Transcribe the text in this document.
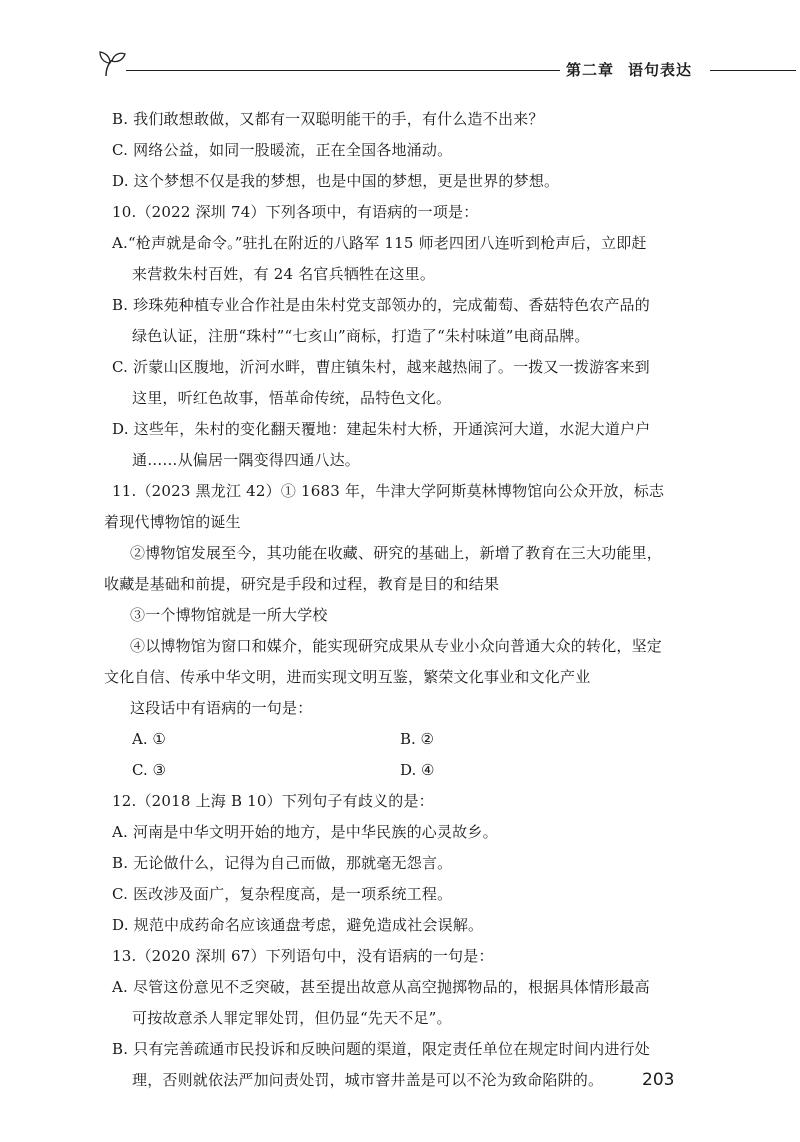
第二章 语句表达
B. 我们敢想敢做，又都有一双聪明能干的手，有什么造不出来？
C. 网络公益，如同一股暖流，正在全国各地涌动。
D. 这个梦想不仅是我的梦想，也是中国的梦想，更是世界的梦想。
10.（2022 深圳 74）下列各项中，有语病的一项是：
A.“枪声就是命令。”驻扎在附近的八路军 115 师老四团八连听到枪声后，立即赶
来营救朱村百姓，有 24 名官兵牺牲在这里。
B. 珍珠苑种植专业合作社是由朱村党支部领办的，完成葡萄、香菇特色农产品的
绿色认证，注册“珠村”“七亥山”商标，打造了“朱村味道”电商品牌。
C. 沂蒙山区腹地，沂河水畔，曹庄镇朱村，越来越热闹了。一拨又一拨游客来到
这里，听红色故事，悟革命传统，品特色文化。
D. 这些年，朱村的变化翻天覆地：建起朱村大桥，开通滨河大道，水泥大道户户
通……从偏居一隅变得四通八达。
11.（2023 黑龙江 42）① 1683 年，牛津大学阿斯莫林博物馆向公众开放，标志
着现代博物馆的诞生
②博物馆发展至今，其功能在收藏、研究的基础上，新增了教育在三大功能里，
收藏是基础和前提，研究是手段和过程，教育是目的和结果
③一个博物馆就是一所大学校
④以博物馆为窗口和媒介，能实现研究成果从专业小众向普通大众的转化，坚定
文化自信、传承中华文明，进而实现文明互鉴，繁荣文化事业和文化产业
这段话中有语病的一句是：
A. ①	B. ②
C. ③	D. ④
12.（2018 上海 B 10）下列句子有歧义的是：
A. 河南是中华文明开始的地方，是中华民族的心灵故乡。
B. 无论做什么，记得为自己而做，那就毫无怨言。
C. 医改涉及面广，复杂程度高，是一项系统工程。
D. 规范中成药命名应该通盘考虑，避免造成社会误解。
13.（2020 深圳 67）下列语句中，没有语病的一句是：
A. 尽管这份意见不乏突破，甚至提出故意从高空抛掷物品的，根据具体情形最高
可按故意杀人罪定罪处罚，但仍显“先天不足”。
B. 只有完善疏通市民投诉和反映问题的渠道，限定责任单位在规定时间内进行处
理，否则就依法严加问责处罚，城市窨井盖是可以不沦为致命陷阱的。	203
